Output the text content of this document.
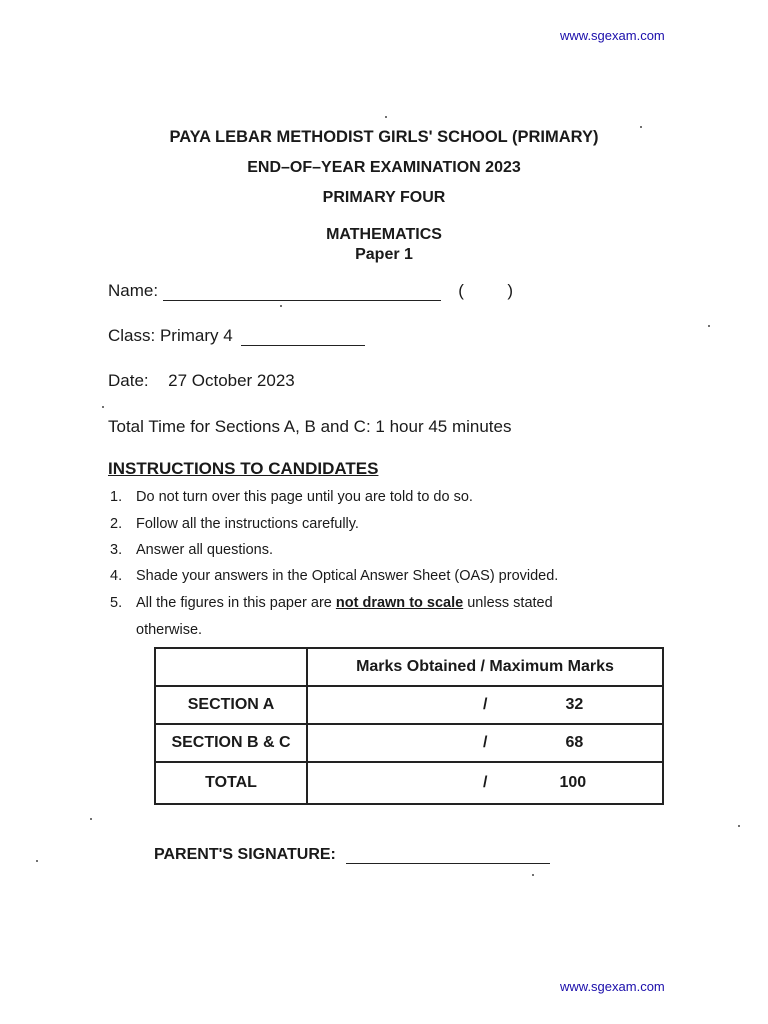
www.sgexam.com
PAYA LEBAR METHODIST GIRLS' SCHOOL (PRIMARY)
END–OF–YEAR EXAMINATION 2023
PRIMARY FOUR
MATHEMATICS
Paper 1
Name:	(	)
Class: Primary 4
Date: 27 October 2023
Total Time for Sections A, B and C: 1 hour 45 minutes
INSTRUCTIONS TO CANDIDATES
1. Do not turn over this page until you are told to do so.
2. Follow all the instructions carefully.
3. Answer all questions.
4. Shade your answers in the Optical Answer Sheet (OAS) provided.
5. All the figures in this paper are not drawn to scale unless stated
otherwise.
	Marks Obtained / Maximum Marks
SECTION A	/ 32
SECTION B & C	/ 68
TOTAL	/ 100
PARENT'S SIGNATURE:
www.sgexam.com
